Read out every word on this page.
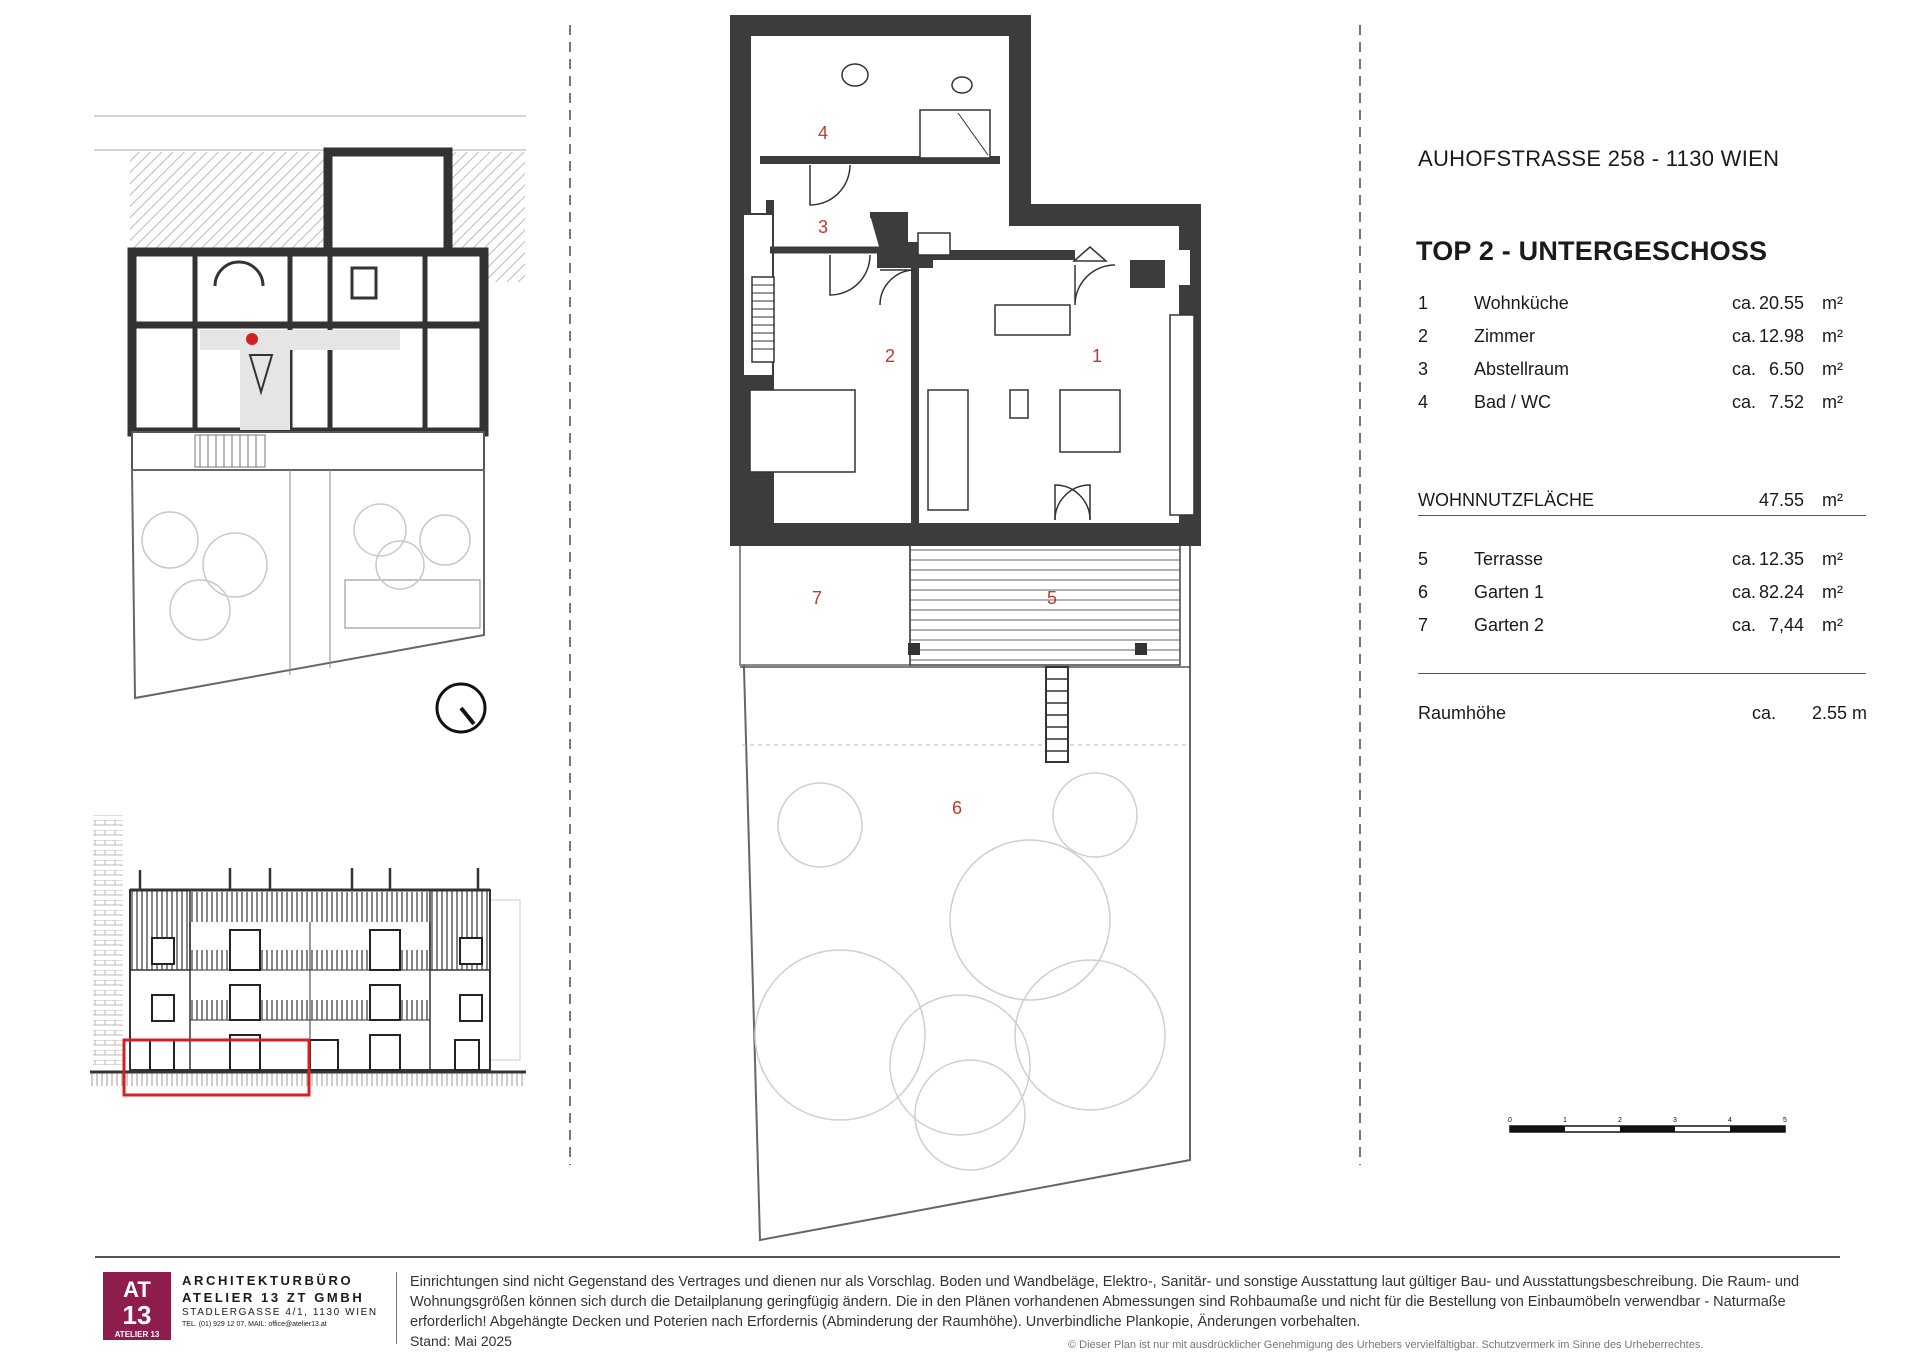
4
3
2	1
5
7
6
AUHOFSTRASSE 258 - 1130 WIEN
TOP 2 - UNTERGESCHOSS
1	Wohnküche	ca. 20.55 m²
2	Zimmer	ca. 12.98 m²
3	Abstellraum	ca. 6.50 m²
4	Bad / WC	ca. 7.52 m²
WOHNNUTZFLÄCHE	47.55 m²
5	Terrasse	ca. 12.35 m²
6	Garten 1	ca. 82.24 m²
7	Garten 2	ca. 7,44 m²
Raumhöhe	ca. 2.55 m
0	1	2	3	4	5
AT
13
ATELIER 13
ARCHITEKTURBÜRO
ATELIER 13 ZT GMBH
STADLERGASSE 4/1, 1130 WIEN
TEL. (01) 929 12 07, MAIL: office@atelier13.at
Einrichtungen sind nicht Gegenstand des Vertrages und dienen nur als Vorschlag. Boden und Wandbeläge, Elektro-, Sanitär- und sonstige Ausstattung laut gültiger Bau- und Ausstattungsbeschreibung. Die Raum- und Wohnungsgrößen können sich durch die Detailplanung geringfügig ändern. Die in den Plänen vorhandenen Abmessungen sind Rohbaumaße und nicht für die Bestellung von Einbaumöbeln verwendbar - Naturmaße erforderlich! Abgehängte Decken und Poterien nach Erfordernis (Abminderung der Raumhöhe). Unverbindliche Plankopie, Änderungen vorbehalten.
Stand: Mai 2025	© Dieser Plan ist nur mit ausdrücklicher Genehmigung des Urhebers vervielfältigbar. Schutzvermerk im Sinne des Urheberrechtes.
